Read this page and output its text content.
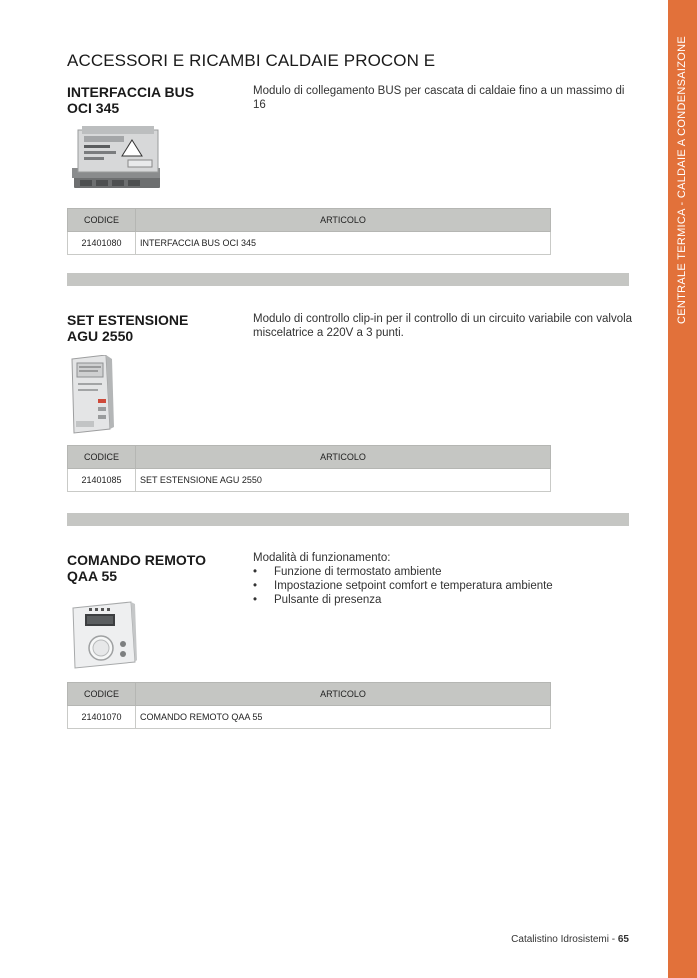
CENTRALE TERMICA - CALDAIE A CONDENSAIZONE
ACCESSORI E RICAMBI CALDAIE PROCON E
INTERFACCIA BUS
OCI 345
Modulo di collegamento BUS per cascata di caldaie fino a un massimo di 16
CODICE	ARTICOLO
21401080	INTERFACCIA BUS OCI 345
SET ESTENSIONE
AGU 2550
Modulo di controllo clip-in per il controllo di un circuito variabile con valvola miscelatrice a 220V a 3 punti.
CODICE	ARTICOLO
21401085	SET ESTENSIONE AGU 2550
COMANDO REMOTO
QAA 55
Modalità di funzionamento:
• Funzione di termostato ambiente
• Impostazione setpoint comfort e temperatura ambiente
• Pulsante di presenza
CODICE	ARTICOLO
21401070	COMANDO REMOTO QAA 55
Catalistino Idrosistemi - 65
